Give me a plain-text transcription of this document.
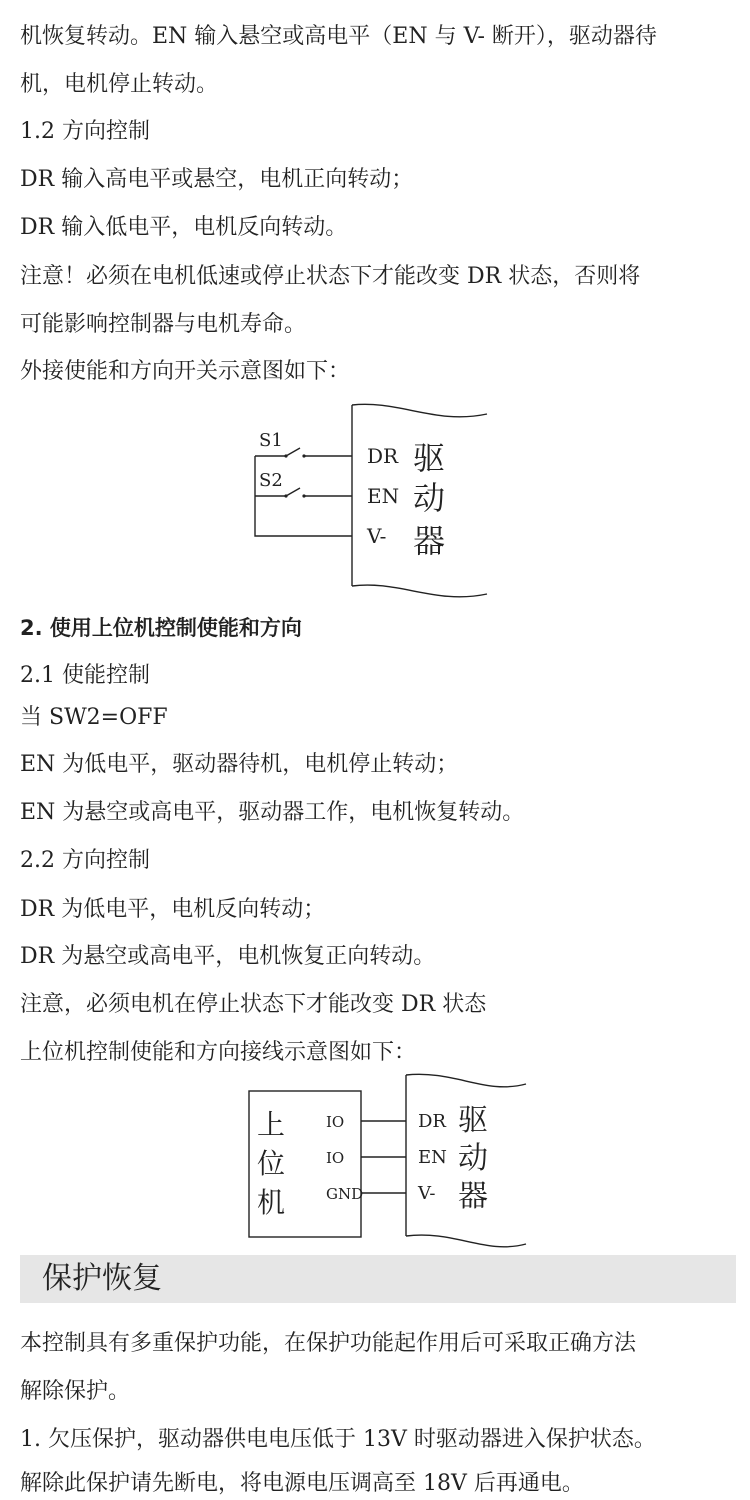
机恢复转动。EN 输入悬空或高电平（EN 与 V- 断开），驱动器待
机，电机停止转动。
1.2 方向控制
DR 输入高电平或悬空，电机正向转动；
DR 输入低电平，电机反向转动。
注意！必须在电机低速或停止状态下才能改变 DR 状态，否则将
可能影响控制器与电机寿命。
外接使能和方向开关示意图如下：
S1
S2
DR
EN
V-
驱
动
器
2. 使用上位机控制使能和方向
2.1 使能控制
当 SW2=OFF
EN 为低电平，驱动器待机，电机停止转动；
EN 为悬空或高电平，驱动器工作，电机恢复转动。
2.2 方向控制
DR 为低电平，电机反向转动；
DR 为悬空或高电平，电机恢复正向转动。
注意，必须电机在停止状态下才能改变 DR 状态
上位机控制使能和方向接线示意图如下：
上
位
机
IO
IO
GND
DR
EN
V-
驱
动
器
保护恢复
本控制具有多重保护功能，在保护功能起作用后可采取正确方法
解除保护。
1. 欠压保护，驱动器供电电压低于 13V 时驱动器进入保护状态。
解除此保护请先断电，将电源电压调高至 18V 后再通电。
